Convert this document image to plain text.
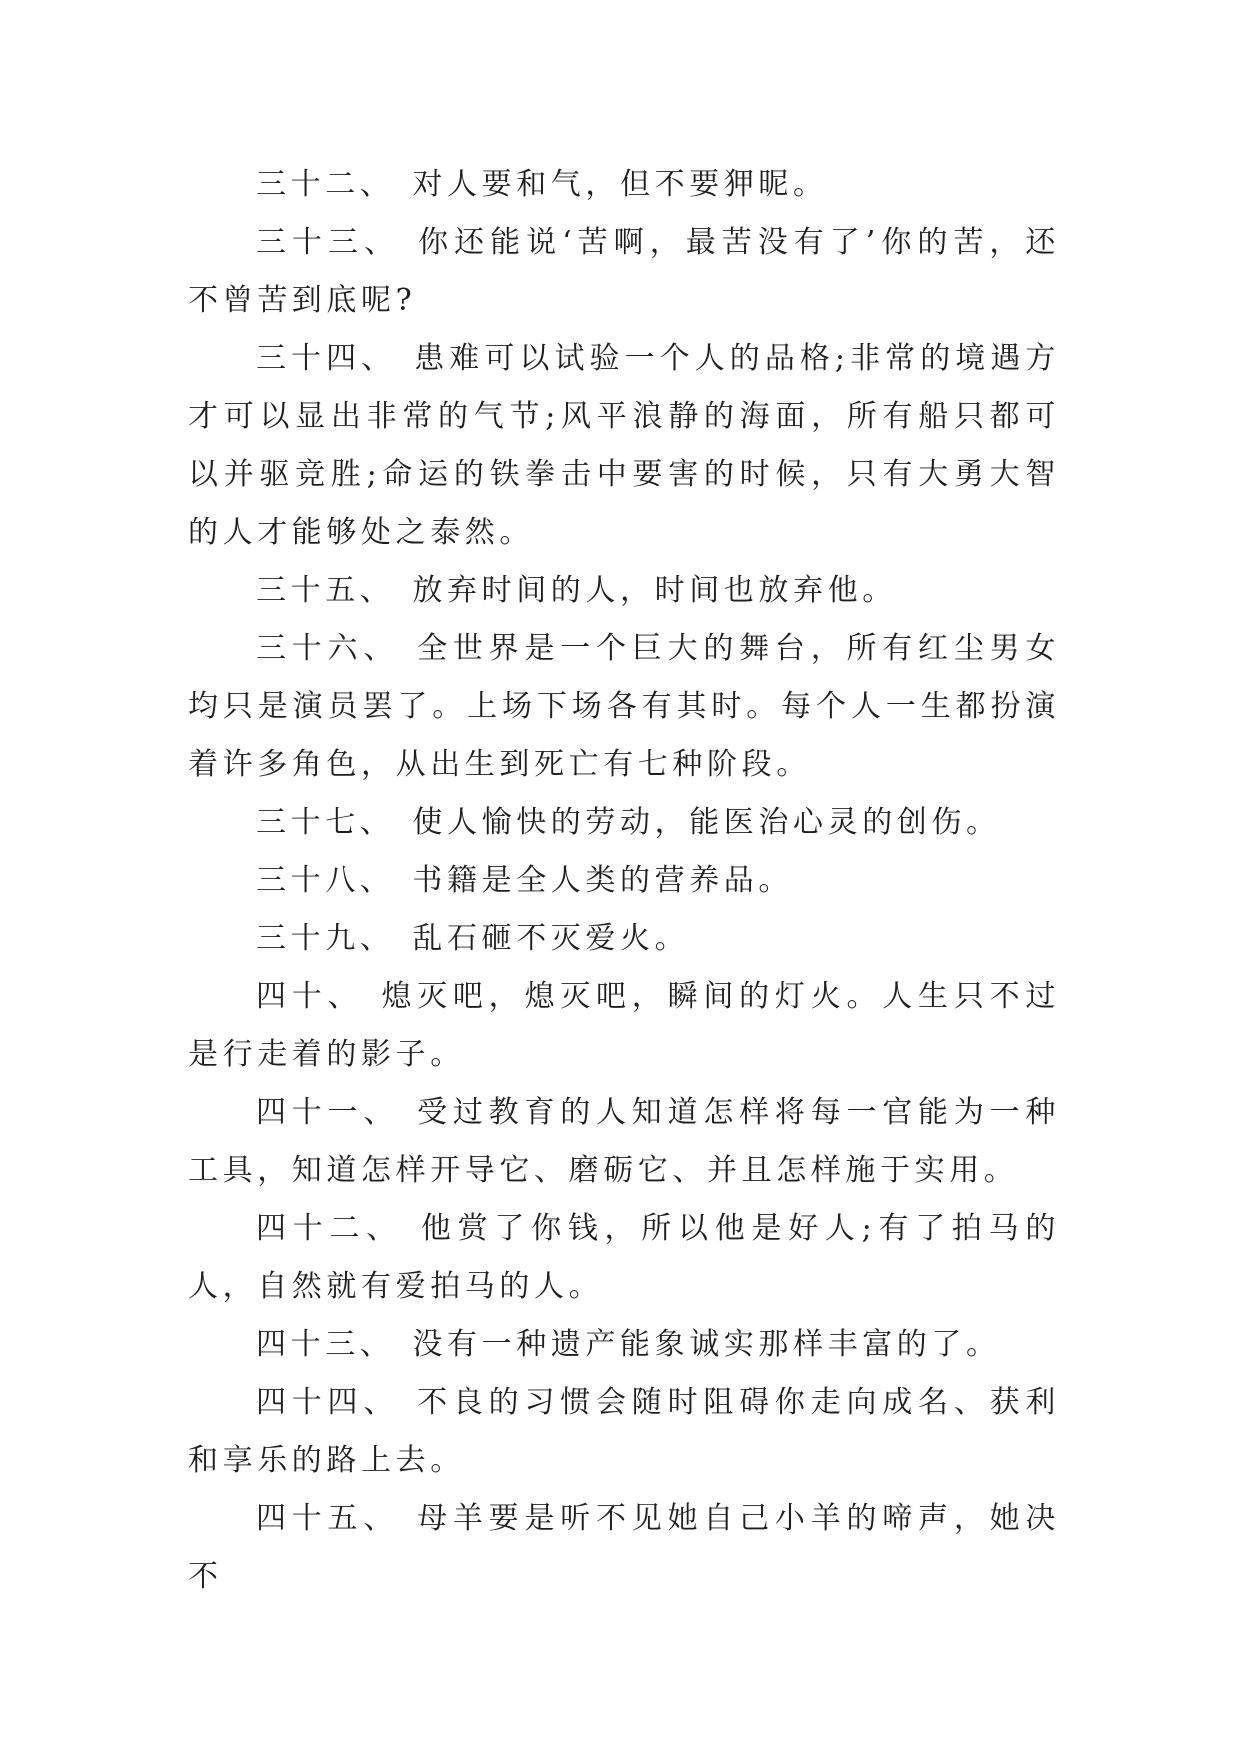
三十二、 对人要和气，但不要狎昵。

三十三、 你还能说‘苦啊，最苦没有了’你的苦，还不曾苦到底呢?

三十四、 患难可以试验一个人的品格;非常的境遇方才可以显出非常的气节;风平浪静的海面，所有船只都可以并驱竞胜;命运的铁拳击中要害的时候，只有大勇大智的人才能够处之泰然。

三十五、 放弃时间的人，时间也放弃他。

三十六、 全世界是一个巨大的舞台，所有红尘男女均只是演员罢了。上场下场各有其时。每个人一生都扮演着许多角色，从出生到死亡有七种阶段。

三十七、 使人愉快的劳动，能医治心灵的创伤。

三十八、 书籍是全人类的营养品。

三十九、 乱石砸不灭爱火。

四十、 熄灭吧，熄灭吧，瞬间的灯火。人生只不过是行走着的影子。

四十一、 受过教育的人知道怎样将每一官能为一种工具，知道怎样开导它、磨砺它、并且怎样施于实用。

四十二、 他赏了你钱，所以他是好人;有了拍马的人，自然就有爱拍马的人。

四十三、 没有一种遗产能象诚实那样丰富的了。

四十四、 不良的习惯会随时阻碍你走向成名、获利和享乐的路上去。

四十五、 母羊要是听不见她自己小羊的啼声，她决不
